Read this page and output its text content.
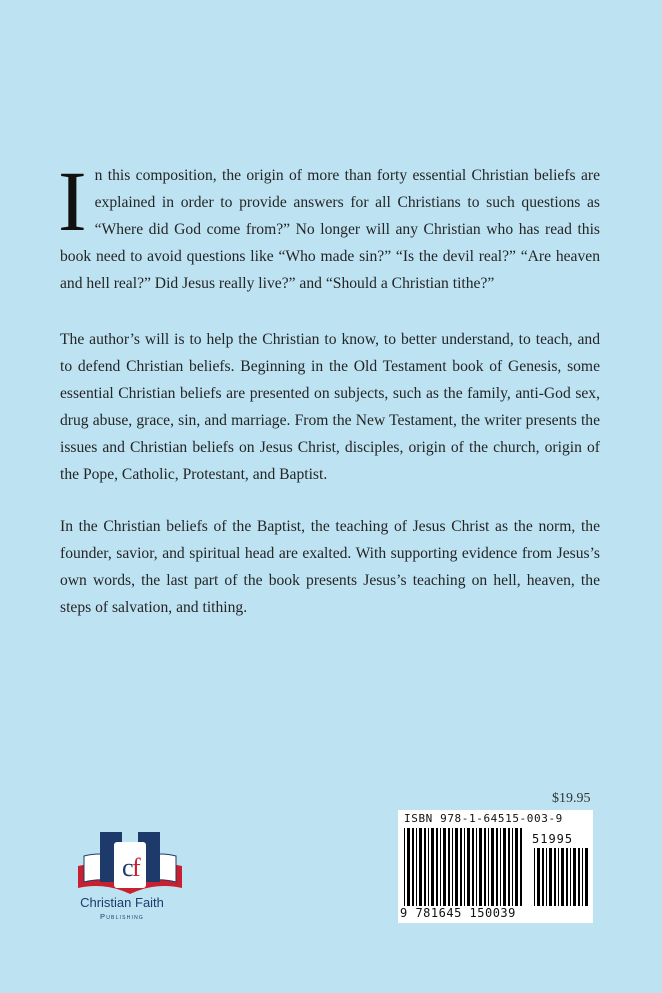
In this composition, the origin of more than forty essential Christian beliefs are explained in order to provide answers for all Christians to such questions as “Where did God come from?” No longer will any Christian who has read this book need to avoid questions like “Who made sin?” “Is the devil real?” “Are heaven and hell real?” Did Jesus really live?” and “Should a Christian tithe?”
The author’s will is to help the Christian to know, to better understand, to teach, and to defend Christian beliefs. Beginning in the Old Testament book of Genesis, some essential Christian beliefs are presented on subjects, such as the family, anti-God sex, drug abuse, grace, sin, and marriage. From the New Testament, the writer presents the issues and Christian beliefs on Jesus Christ, disciples, origin of the church, origin of the Pope, Catholic, Protestant, and Baptist.
In the Christian beliefs of the Baptist, the teaching of Jesus Christ as the norm, the founder, savior, and spiritual head are exalted. With supporting evidence from Jesus’s own words, the last part of the book presents Jesus’s teaching on hell, heaven, the steps of salvation, and tithing.
c
f
Christian Faith
Publishing
$19.95
ISBN 978-1-64515-003-9
51995
9 781645 150039
